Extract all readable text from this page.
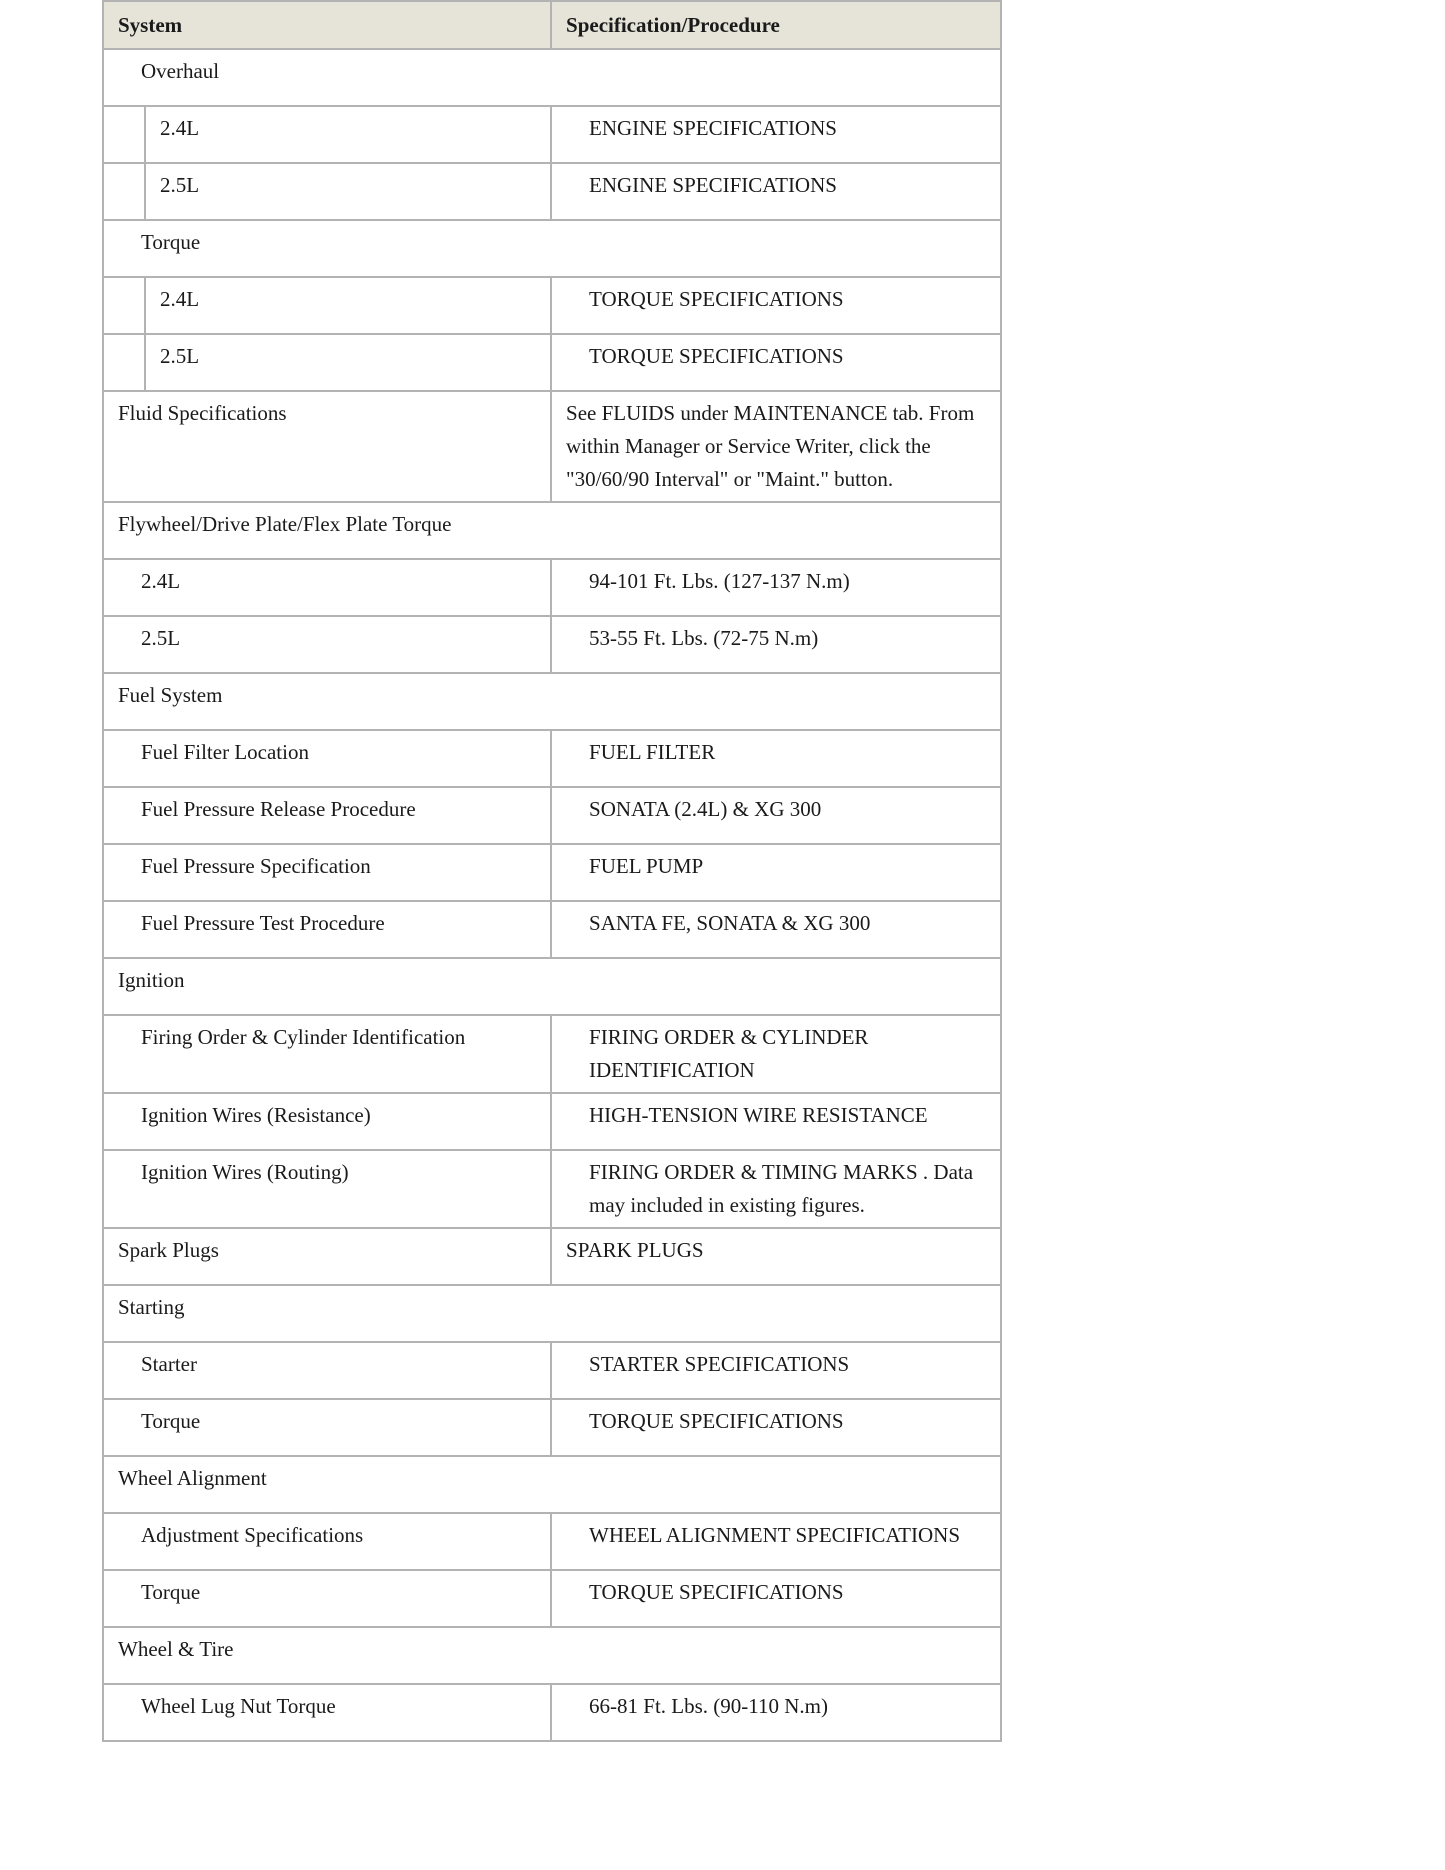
System		Specification/Procedure
Overhaul		
	2.4L	ENGINE SPECIFICATIONS
	2.5L	ENGINE SPECIFICATIONS
Torque		
	2.4L	TORQUE SPECIFICATIONS
	2.5L	TORQUE SPECIFICATIONS
Fluid Specifications		See FLUIDS under MAINTENANCE tab. From within Manager or Service Writer, click the "30/60/90 Interval" or "Maint." button.
Flywheel/Drive Plate/Flex Plate Torque		
2.4L		94-101 Ft. Lbs. (127-137 N.m)
2.5L		53-55 Ft. Lbs. (72-75 N.m)
Fuel System		
Fuel Filter Location		FUEL FILTER
Fuel Pressure Release Procedure		SONATA (2.4L) & XG 300
Fuel Pressure Specification		FUEL PUMP
Fuel Pressure Test Procedure		SANTA FE, SONATA & XG 300
Ignition		
Firing Order & Cylinder Identification		FIRING ORDER & CYLINDER IDENTIFICATION
Ignition Wires (Resistance)		HIGH-TENSION WIRE RESISTANCE
Ignition Wires (Routing)		FIRING ORDER & TIMING MARKS . Data may included in existing figures.
Spark Plugs		SPARK PLUGS
Starting		
Starter		STARTER SPECIFICATIONS
Torque		TORQUE SPECIFICATIONS
Wheel Alignment		
Adjustment Specifications		WHEEL ALIGNMENT SPECIFICATIONS
Torque		TORQUE SPECIFICATIONS
Wheel & Tire		
Wheel Lug Nut Torque		66-81 Ft. Lbs. (90-110 N.m)
